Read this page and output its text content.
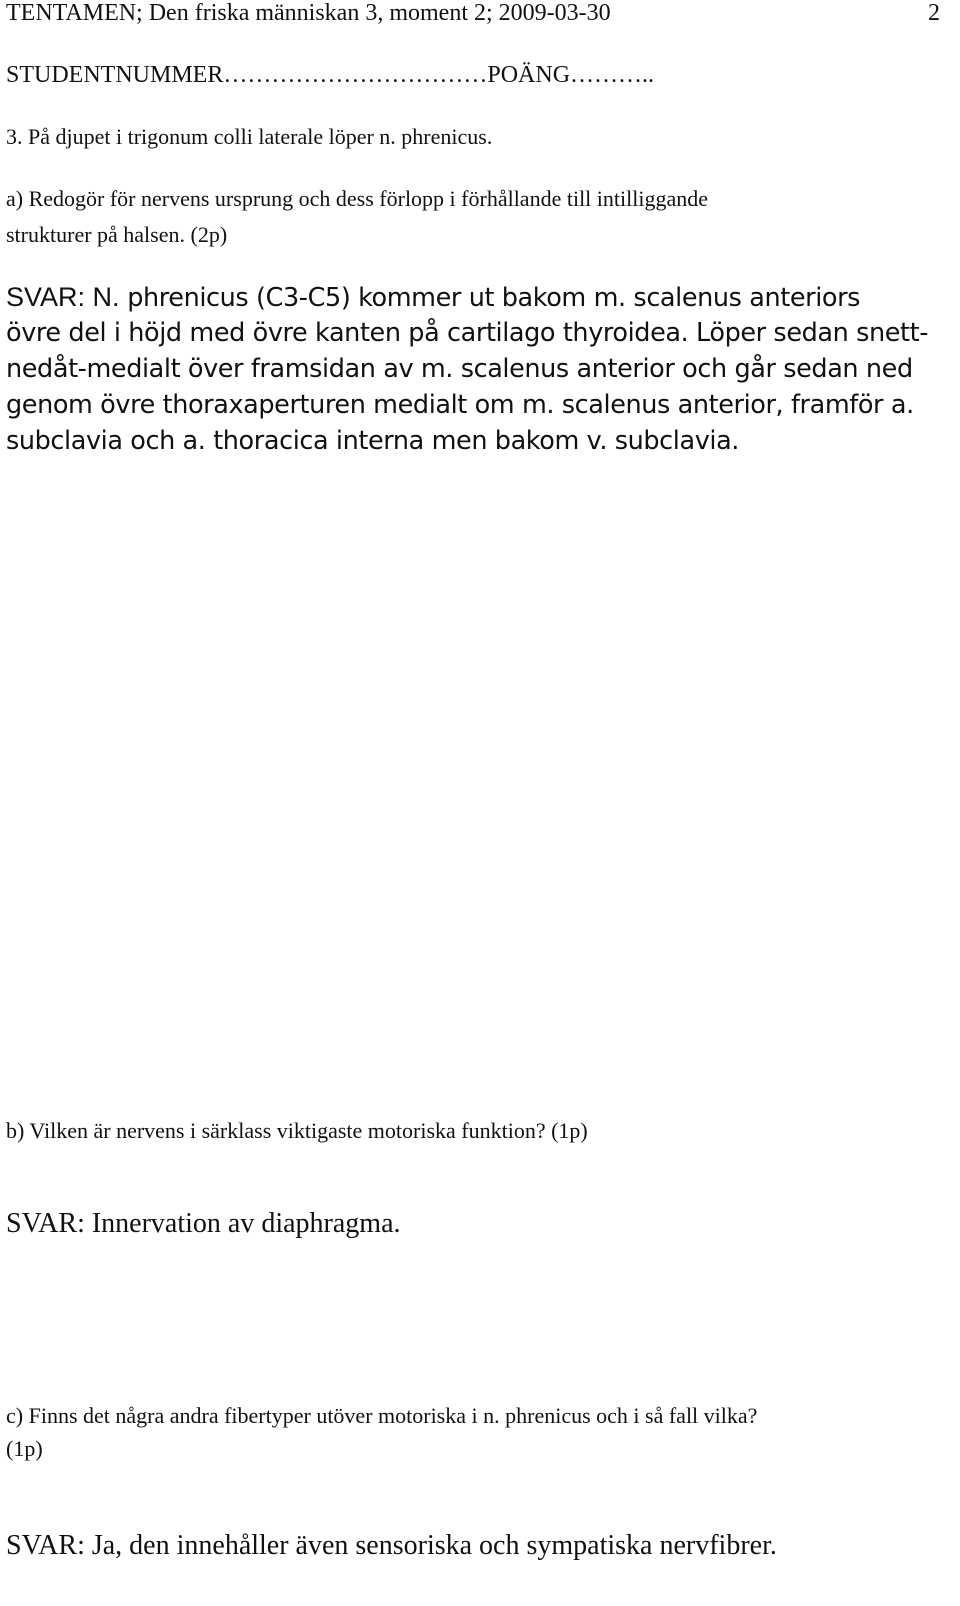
TENTAMEN; Den friska människan 3, moment 2; 2009-03-30	2
STUDENTNUMMER……………………………POÄNG………..
3. På djupet i trigonum colli laterale löper n. phrenicus.
a) Redogör för nervens ursprung och dess förlopp i förhållande till intilliggande
strukturer på halsen. (2p)
SVAR: N. phrenicus (C3-C5) kommer ut bakom m. scalenus anteriors
övre del i höjd med övre kanten på cartilago thyroidea. Löper sedan snett-
nedåt-medialt över framsidan av m. scalenus anterior och går sedan ned
genom övre thoraxaperturen medialt om m. scalenus anterior, framför a.
subclavia och a. thoracica interna men bakom v. subclavia.
b) Vilken är nervens i särklass viktigaste motoriska funktion? (1p)
SVAR: Innervation av diaphragma.
c) Finns det några andra fibertyper utöver motoriska i n. phrenicus och i så fall vilka?
(1p)
SVAR: Ja, den innehåller även sensoriska och sympatiska nervfibrer.
